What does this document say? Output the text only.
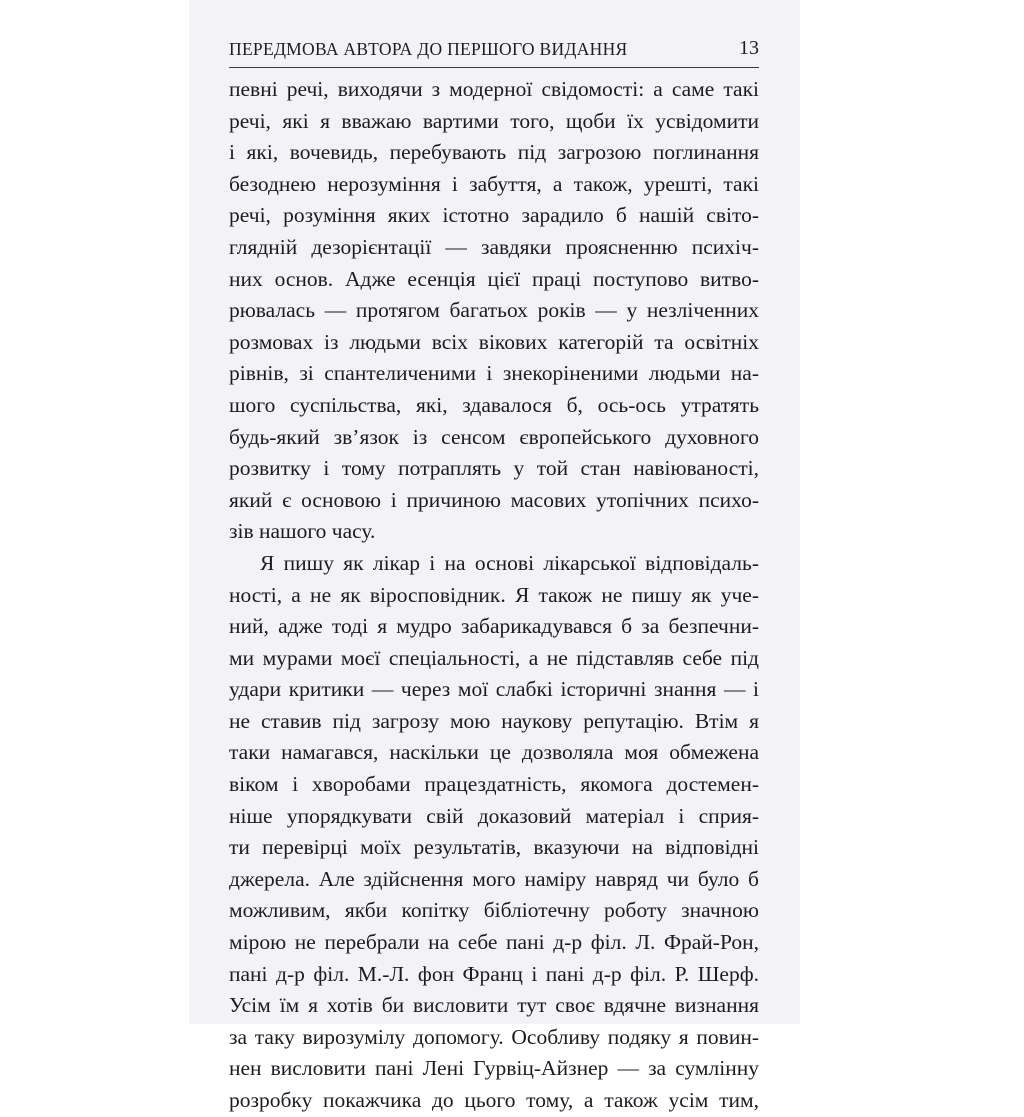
ПЕРЕДМОВА АВТОРА ДО ПЕРШОГО ВИДАННЯ	13
певні речі, виходячи з модерної свідомості: а саме такі
речі, які я вважаю вартими того, щоби їх усвідомити
і які, вочевидь, перебувають під загрозою поглинання
безоднею нерозуміння і забуття, а також, урешті, такі
речі, розуміння яких істотно зарадило б нашій світо-
глядній дезорієнтації — завдяки проясненню психіч-
них основ. Адже есенція цієї праці поступово витво-
рювалась — протягом багатьох років — у незліченних
розмовах із людьми всіх вікових категорій та освітніх
рівнів, зі спантеличеними і знекоріненими людьми на-
шого суспільства, які, здавалося б, ось-ось утратять
будь-який зв’язок із сенсом європейського духовного
розвитку і тому потраплять у той стан навіюваності,
який є основою і причиною масових утопічних психо-
зів нашого часу.
Я пишу як лікар і на основі лікарської відповідаль-
ності, а не як віросповідник. Я також не пишу як учe-
ний, адже тоді я мудро забарикадувався б за безпечни-
ми мурами моєї спеціальності, а не підставляв себе під
удари критики — через мої слабкі історичні знання — і
не ставив під загрозу мою наукову репутацію. Втім я
таки намагався, наскільки це дозволяла моя обмежена
віком і хворобами працездатність, якомога достемен-
ніше упорядкувати свій доказовий матеріал і сприя-
ти перевірці моїх результатів, вказуючи на відповідні
джерела. Але здійснення мого наміру навряд чи було б
можливим, якби копітку бібліотечну роботу значною
мірою не перебрали на себе пані д-р філ. Л. Фрай-Рон,
пані д-р філ. М.-Л. фон Франц і пані д-р філ. Р. Шерф.
Усім їм я хотів би висловити тут своє вдячне визнання
за таку вирозумілу допомогу. Особливу подяку я повин-
нен висловити пані Лені Гурвіц-Айзнер — за сумлінну
розробку покажчика до цього тому, а також усім тим,
